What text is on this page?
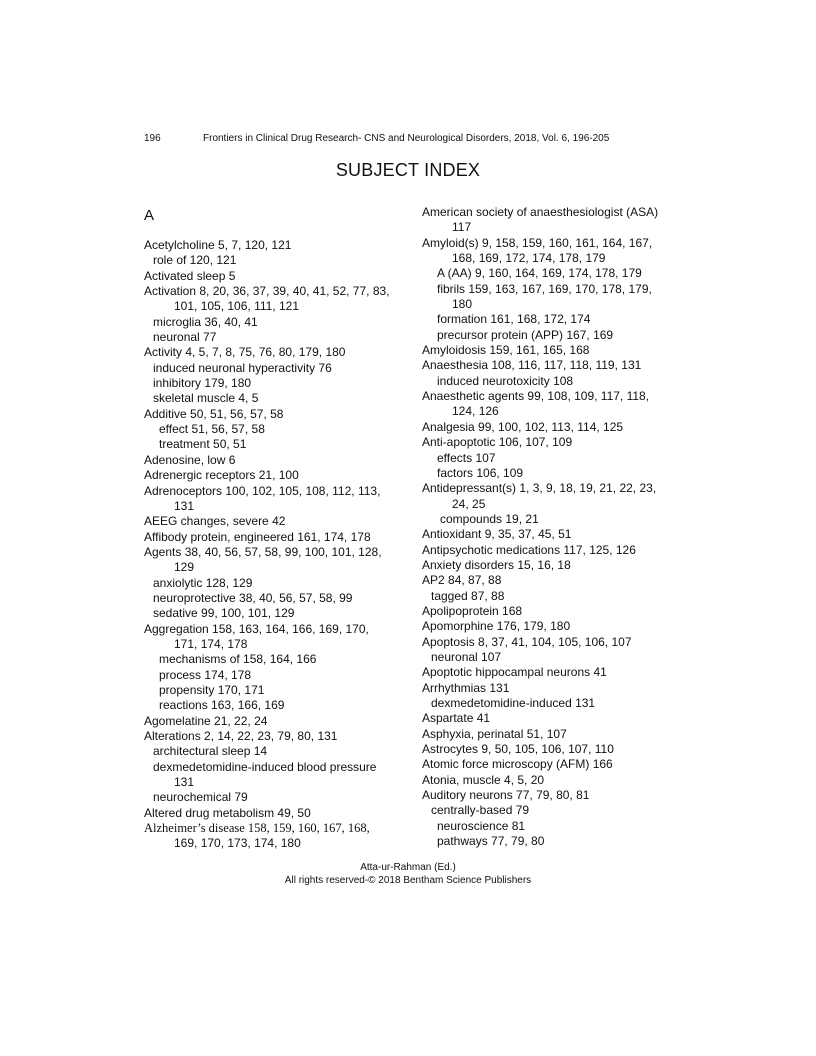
196	Frontiers in Clinical Drug Research- CNS and Neurological Disorders, 2018, Vol. 6, 196-205
SUBJECT INDEX
A
Acetylcholine 5, 7, 120, 121
role of 120, 121
Activated sleep 5
Activation 8, 20, 36, 37, 39, 40, 41, 52, 77, 83,
101, 105, 106, 111, 121
microglia 36, 40, 41
neuronal 77
Activity 4, 5, 7, 8, 75, 76, 80, 179, 180
induced neuronal hyperactivity 76
inhibitory 179, 180
skeletal muscle 4, 5
Additive 50, 51, 56, 57, 58
effect 51, 56, 57, 58
treatment 50, 51
Adenosine, low 6
Adrenergic receptors 21, 100
Adrenoceptors 100, 102, 105, 108, 112, 113,
131
AEEG changes, severe 42
Affibody protein, engineered 161, 174, 178
Agents 38, 40, 56, 57, 58, 99, 100, 101, 128,
129
anxiolytic 128, 129
neuroprotective 38, 40, 56, 57, 58, 99
sedative 99, 100, 101, 129
Aggregation 158, 163, 164, 166, 169, 170,
171, 174, 178
mechanisms of 158, 164, 166
process 174, 178
propensity 170, 171
reactions 163, 166, 169
Agomelatine 21, 22, 24
Alterations 2, 14, 22, 23, 79, 80, 131
architectural sleep 14
dexmedetomidine-induced blood pressure
131
neurochemical 79
Altered drug metabolism 49, 50
Alzheimer’s disease 158, 159, 160, 167, 168,
169, 170, 173, 174, 180
American society of anaesthesiologist (ASA)
117
Amyloid(s) 9, 158, 159, 160, 161, 164, 167,
168, 169, 172, 174, 178, 179
A (AA) 9, 160, 164, 169, 174, 178, 179
fibrils 159, 163, 167, 169, 170, 178, 179,
180
formation 161, 168, 172, 174
precursor protein (APP) 167, 169
Amyloidosis 159, 161, 165, 168
Anaesthesia 108, 116, 117, 118, 119, 131
induced neurotoxicity 108
Anaesthetic agents 99, 108, 109, 117, 118,
124, 126
Analgesia 99, 100, 102, 113, 114, 125
Anti-apoptotic 106, 107, 109
effects 107
factors 106, 109
Antidepressant(s) 1, 3, 9, 18, 19, 21, 22, 23,
24, 25
compounds 19, 21
Antioxidant 9, 35, 37, 45, 51
Antipsychotic medications 117, 125, 126
Anxiety disorders 15, 16, 18
AP2 84, 87, 88
tagged 87, 88
Apolipoprotein 168
Apomorphine 176, 179, 180
Apoptosis 8, 37, 41, 104, 105, 106, 107
neuronal 107
Apoptotic hippocampal neurons 41
Arrhythmias 131
dexmedetomidine-induced 131
Aspartate 41
Asphyxia, perinatal 51, 107
Astrocytes 9, 50, 105, 106, 107, 110
Atomic force microscopy (AFM) 166
Atonia, muscle 4, 5, 20
Auditory neurons 77, 79, 80, 81
centrally-based 79
neuroscience 81
pathways 77, 79, 80
Atta-ur-Rahman (Ed.)
All rights reserved-© 2018 Bentham Science Publishers
